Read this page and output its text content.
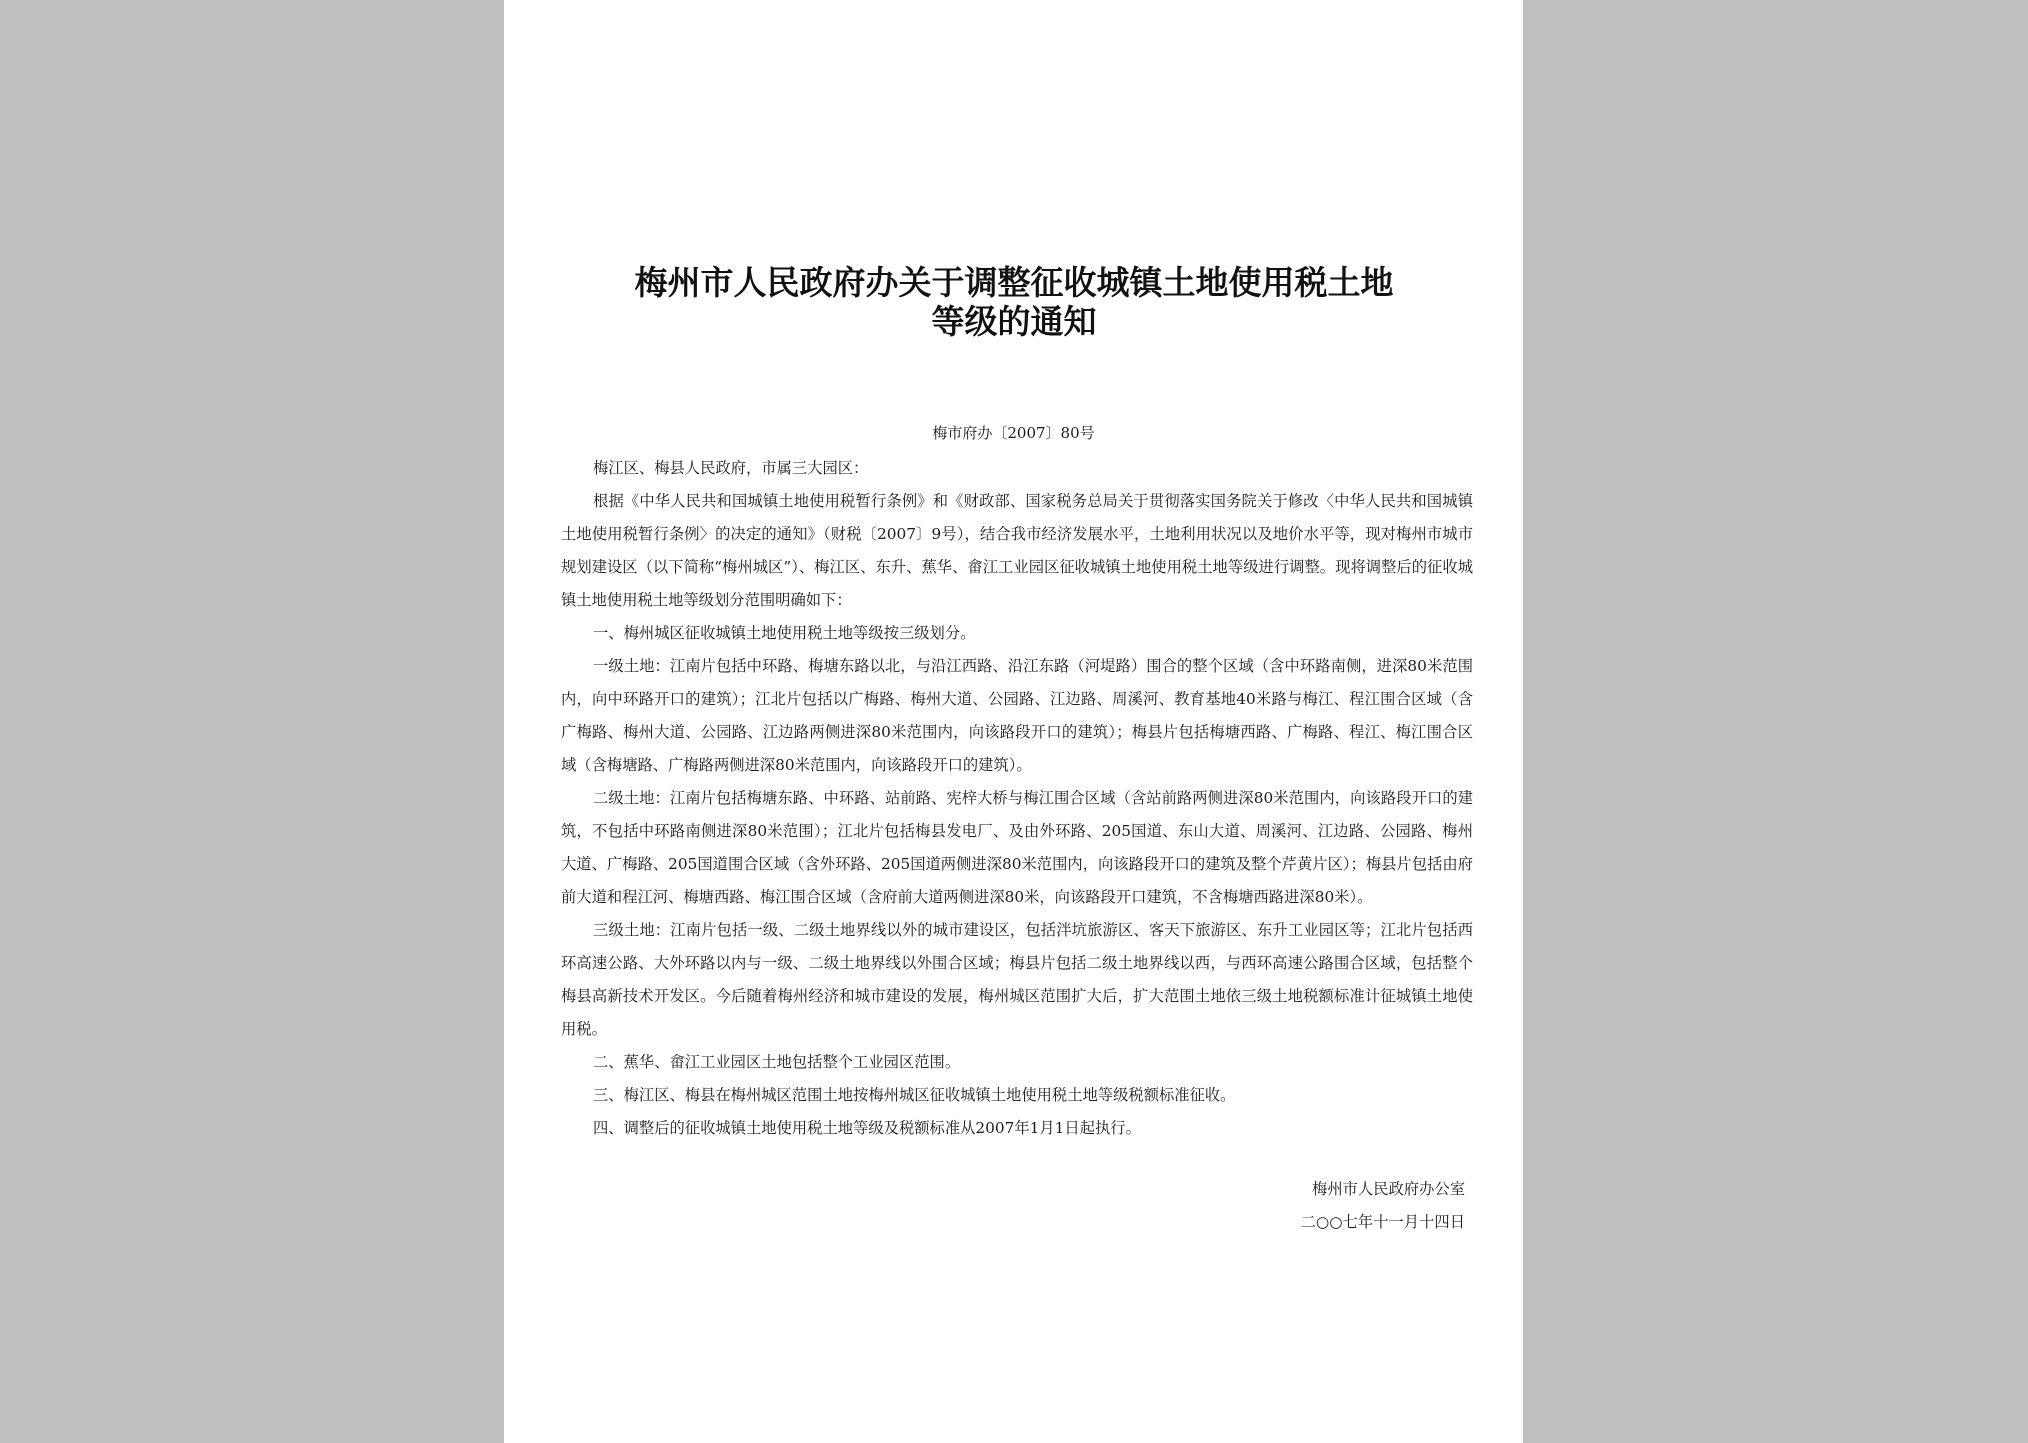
梅州市人民政府办关于调整征收城镇土地使用税土地
等级的通知
梅市府办〔2007〕80号

梅江区、梅县人民政府，市属三大园区：

根据《中华人民共和国城镇土地使用税暂行条例》和《财政部、国家税务总局关于贯彻落实国务院关于修改〈中华人民共和国城镇土地使用税暂行条例〉的决定的通知》（财税〔2007〕9号），结合我市经济发展水平，土地利用状况以及地价水平等，现对梅州市城市规划建设区（以下简称“梅州城区”）、梅江区、东升、蕉华、畲江工业园区征收城镇土地使用税土地等级进行调整。现将调整后的征收城镇土地使用税土地等级划分范围明确如下：

一、梅州城区征收城镇土地使用税土地等级按三级划分。

一级土地：江南片包括中环路、梅塘东路以北，与沿江西路、沿江东路（河堤路）围合的整个区域（含中环路南侧，进深80米范围内，向中环路开口的建筑）；江北片包括以广梅路、梅州大道、公园路、江边路、周溪河、教育基地40米路与梅江、程江围合区域（含广梅路、梅州大道、公园路、江边路两侧进深80米范围内，向该路段开口的建筑）；梅县片包括梅塘西路、广梅路、程江、梅江围合区域（含梅塘路、广梅路两侧进深80米范围内，向该路段开口的建筑）。

二级土地：江南片包括梅塘东路、中环路、站前路、宪梓大桥与梅江围合区域（含站前路两侧进深80米范围内，向该路段开口的建筑，不包括中环路南侧进深80米范围）；江北片包括梅县发电厂、及由外环路、205国道、东山大道、周溪河、江边路、公园路、梅州大道、广梅路、205国道围合区域（含外环路、205国道两侧进深80米范围内，向该路段开口的建筑及整个芹黄片区）；梅县片包括由府前大道和程江河、梅塘西路、梅江围合区域（含府前大道两侧进深80米，向该路段开口建筑，不含梅塘西路进深80米）。

三级土地：江南片包括一级、二级土地界线以外的城市建设区，包括泮坑旅游区、客天下旅游区、东升工业园区等；江北片包括西环高速公路、大外环路以内与一级、二级土地界线以外围合区域；梅县片包括二级土地界线以西，与西环高速公路围合区域，包括整个梅县高新技术开发区。今后随着梅州经济和城市建设的发展，梅州城区范围扩大后，扩大范围土地依三级土地税额标准计征城镇土地使用税。

二、蕉华、畲江工业园区土地包括整个工业园区范围。

三、梅江区、梅县在梅州城区范围土地按梅州城区征收城镇土地使用税土地等级税额标准征收。

四、调整后的征收城镇土地使用税土地等级及税额标准从2007年1月1日起执行。

梅州市人民政府办公室
二○○七年十一月十四日
